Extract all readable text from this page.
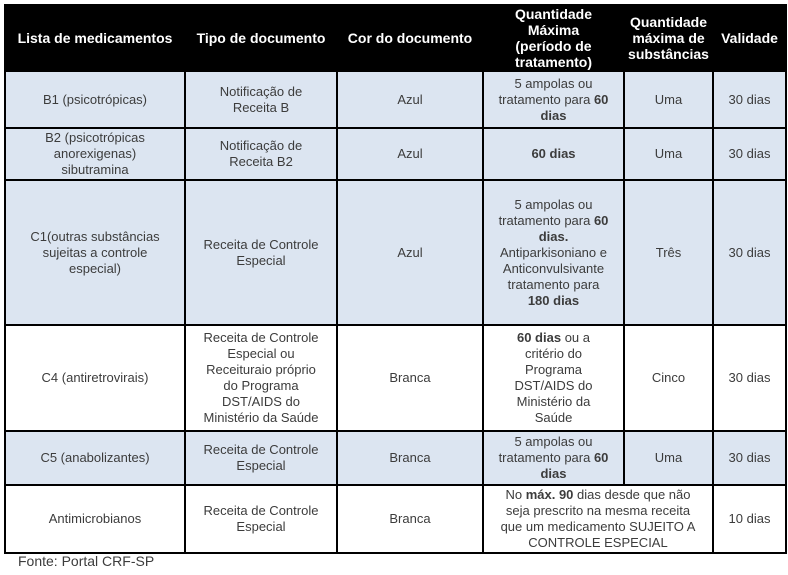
Lista de medicamentos	Tipo de documento	Cor do documento	Quantidade Máxima (período de tratamento)	Quantidade máxima de substâncias	Validade
B1 (psicotrópicas)	Notificação de Receita B	Azul	5 ampolas ou tratamento para 60 dias	Uma	30 dias
B2 (psicotrópicas anorexigenas) sibutramina	Notificação de Receita B2	Azul	60 dias	Uma	30 dias
C1(outras substâncias sujeitas a controle especial)	Receita de Controle Especial	Azul	5 ampolas ou tratamento para 60 dias. Antiparkisoniano e Anticonvulsivante tratamento para 180 dias	Três	30 dias
C4 (antiretrovirais)	Receita de Controle Especial ou Receituraio próprio do Programa DST/AIDS do Ministério da Saúde	Branca	60 dias ou a critério do Programa DST/AIDS do Ministério da Saúde	Cinco	30 dias
C5 (anabolizantes)	Receita de Controle Especial	Branca	5 ampolas ou tratamento para 60 dias	Uma	30 dias
Antimicrobianos	Receita de Controle Especial	Branca	No máx. 90 dias desde que não seja prescrito na mesma receita que um medicamento SUJEITO A CONTROLE ESPECIAL		10 dias
Fonte: Portal CRF-SP
